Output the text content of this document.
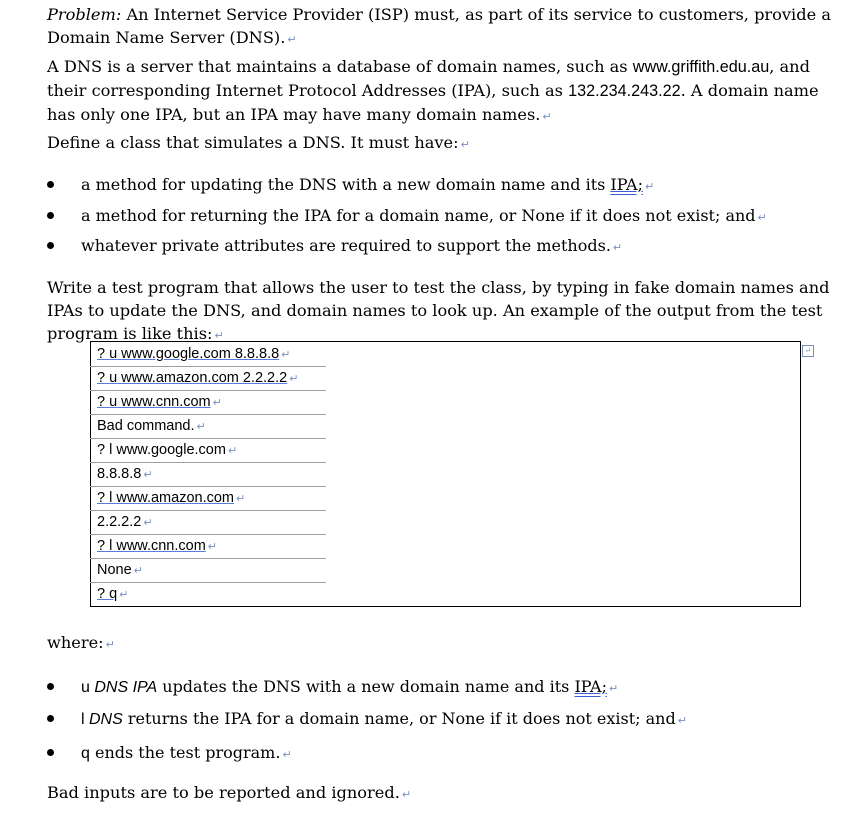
Problem: An Internet Service Provider (ISP) must, as part of its service to customers, provide a Domain Name Server (DNS). ↵
A DNS is a server that maintains a database of domain names, such as www.griffith.edu.au, and their corresponding Internet Protocol Addresses (IPA), such as 132.234.243.22. A domain name has only one IPA, but an IPA may have many domain names. ↵
Define a class that simulates a DNS. It must have: ↵
a method for updating the DNS with a new domain name and its IPA; ↵
a method for returning the IPA for a domain name, or None if it does not exist; and ↵
whatever private attributes are required to support the methods. ↵
Write a test program that allows the user to test the class, by typing in fake domain names and IPAs to update the DNS, and domain names to look up. An example of the output from the test program is like this: ↵
↵
? u www.google.com 8.8.8.8 ↵
? u www.amazon.com 2.2.2.2 ↵
? u www.cnn.com ↵
Bad command. ↵
? l www.google.com ↵
8.8.8.8 ↵
? l www.amazon.com ↵
2.2.2.2 ↵
? l www.cnn.com ↵
None ↵
? q ↵
where: ↵
u DNS IPA updates the DNS with a new domain name and its IPA; ↵
l DNS returns the IPA for a domain name, or None if it does not exist; and ↵
q ends the test program. ↵
Bad inputs are to be reported and ignored. ↵
